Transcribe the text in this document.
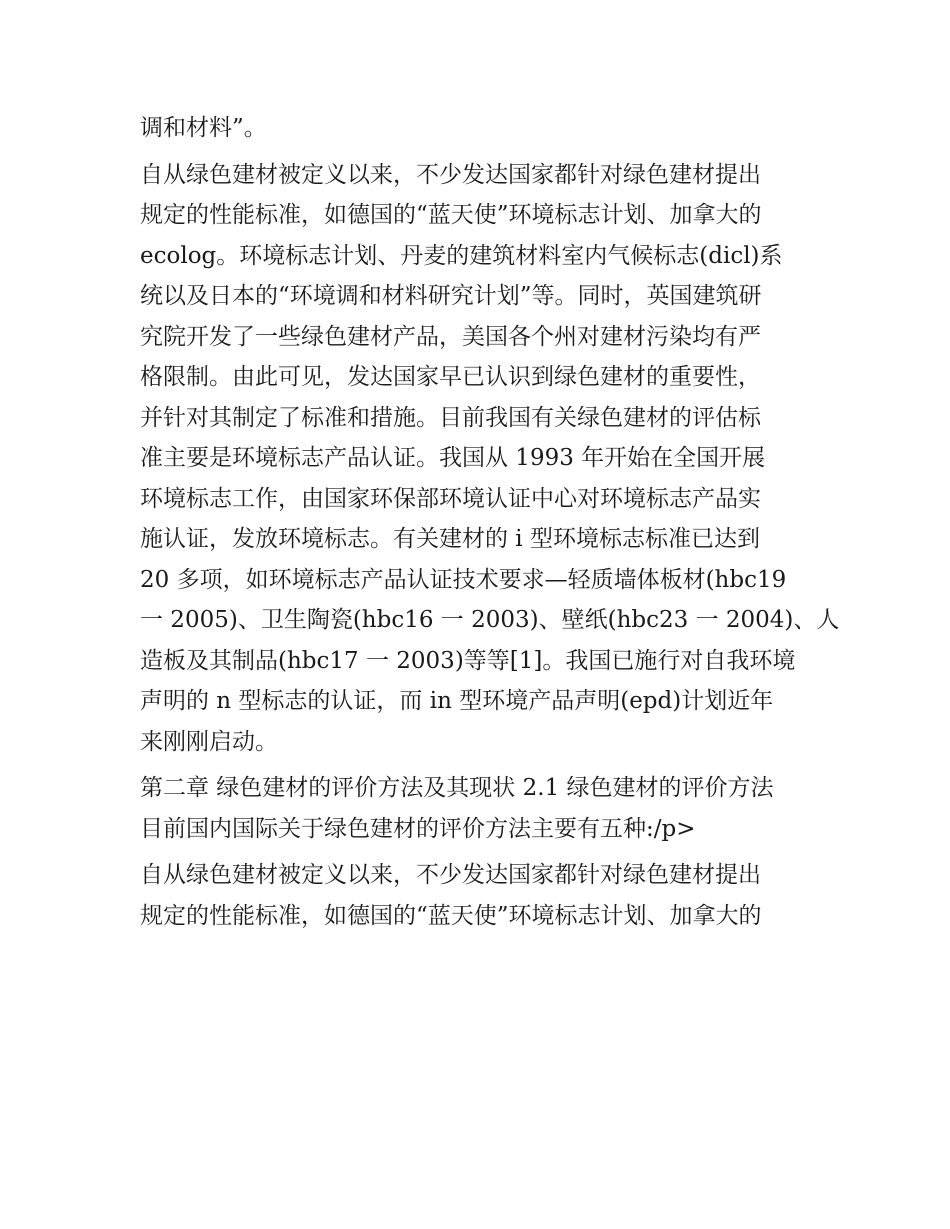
调和材料”。
自从绿色建材被定义以来，不少发达国家都针对绿色建材提出
规定的性能标准，如德国的“蓝天使”环境标志计划、加拿大的
ecolog。环境标志计划、丹麦的建筑材料室内气候标志(dicl)系
统以及日本的“环境调和材料研究计划”等。同时，英国建筑研
究院开发了一些绿色建材产品，美国各个州对建材污染均有严
格限制。由此可见，发达国家早已认识到绿色建材的重要性，
并针对其制定了标准和措施。目前我国有关绿色建材的评估标
准主要是环境标志产品认证。我国从 1993 年开始在全国开展
环境标志工作，由国家环保部环境认证中心对环境标志产品实
施认证，发放环境标志。有关建材的 i 型环境标志标准已达到
20 多项，如环境标志产品认证技术要求—轻质墙体板材(hbc19
一 2005)、卫生陶瓷(hbc16 一 2003)、壁纸(hbc23 一 2004)、人
造板及其制品(hbc17 一 2003)等等[1]。我国已施行对自我环境
声明的 n 型标志的认证，而 in 型环境产品声明(epd)计划近年
来刚刚启动。
第二章 绿色建材的评价方法及其现状 2.1 绿色建材的评价方法
目前国内国际关于绿色建材的评价方法主要有五种:/p>
自从绿色建材被定义以来，不少发达国家都针对绿色建材提出
规定的性能标准，如德国的“蓝天使”环境标志计划、加拿大的
